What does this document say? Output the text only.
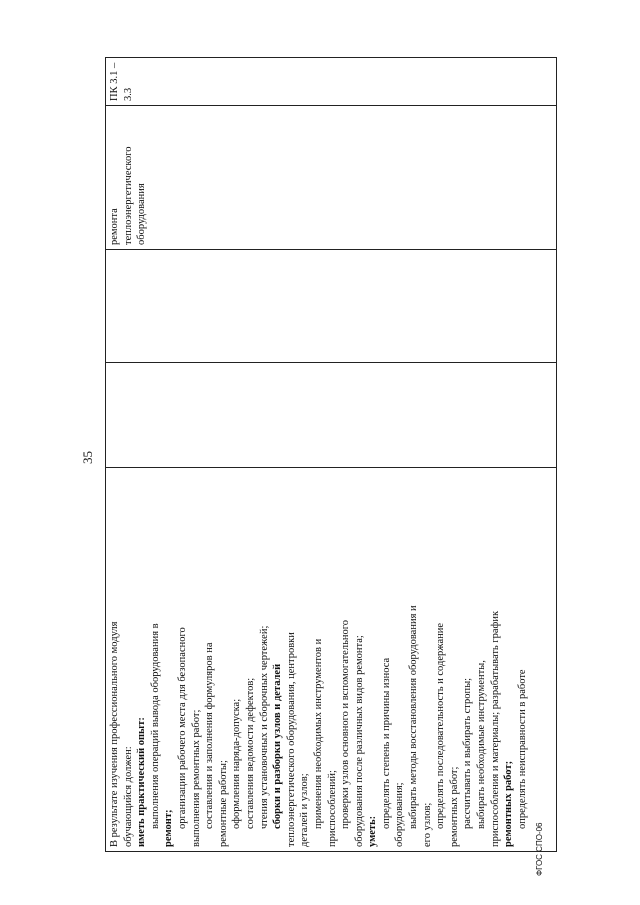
35

В результате изучения профессионального модуля обучающийся должен: иметь практический опыт: выполнения операций вывода оборудования в ремонт; организации рабочего места для безопасного выполнения ремонтных работ; составления и заполнения формуляров на ремонтные работы; оформления наряда-допуска; составления ведомости дефектов; чтения установочных и сборочных чертежей; сборки и разборки узлов и деталей теплоэнергетического оборудования, центровки деталей и узлов; применения необходимых инструментов и приспособлений; проверки узлов основного и вспомогательного оборудования после различных видов ремонта; уметь:

определять степень и причины износа оборудования; выбирать методы восстановления оборудования и его узлов; определять последовательность и содержание ремонтных работ; рассчитывать и выбирать стропы; выбирать необходимые инструменты, приспособления и материалы; разрабатывать график ремонтных работ; определять неисправности в работе

ремонта теплоэнергетического оборудования

ПК 3.1 – 3.3

ФГОС СПО-06
